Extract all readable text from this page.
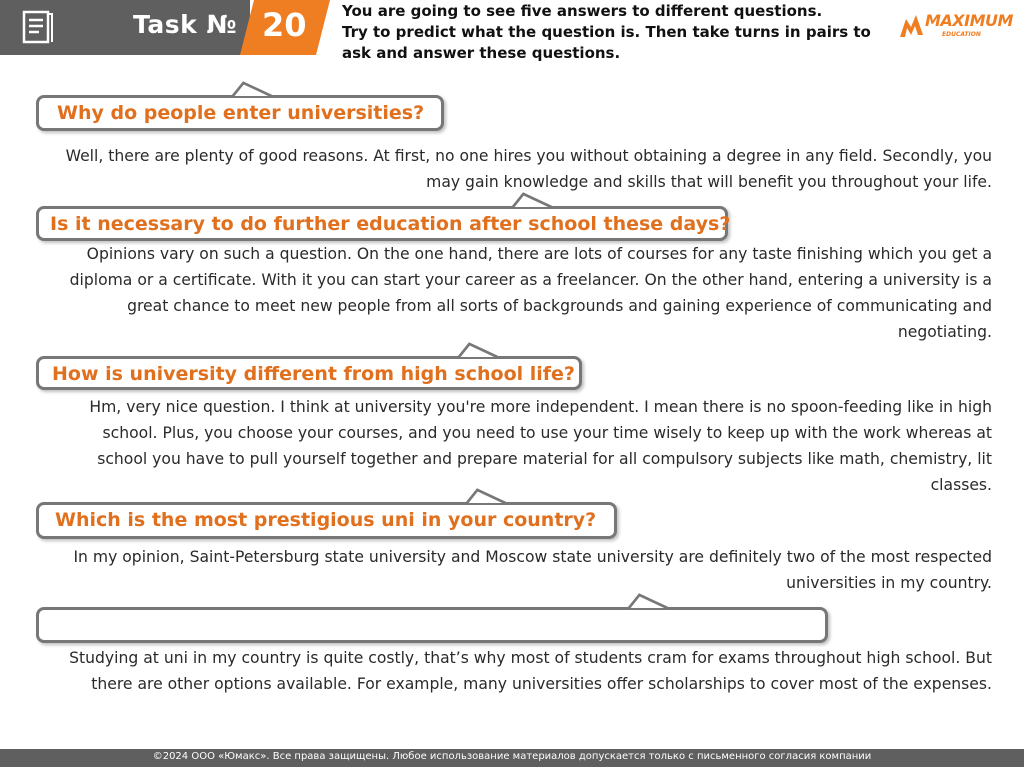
Task № 20 You are going to see five answers to different questions.
Try to predict what the question is. Then take turns in pairs to
ask and answer these questions.
MAXIMUM
EDUCATION
Why do people enter universities?
Well, there are plenty of good reasons. At first, no one hires you without obtaining a degree in any field. Secondly, you
may gain knowledge and skills that will benefit you throughout your life.
Is it necessary to do further education after school these days?
Opinions vary on such a question. On the one hand, there are lots of courses for any taste finishing which you get a
diploma or a certificate. With it you can start your career as a freelancer. On the other hand, entering a university is a
great chance to meet new people from all sorts of backgrounds and gaining experience of communicating and
negotiating.
How is university different from high school life?
Hm, very nice question. I think at university you're more independent. I mean there is no spoon-feeding like in high
school. Plus, you choose your courses, and you need to use your time wisely to keep up with the work whereas at
school you have to pull yourself together and prepare material for all compulsory subjects like math, chemistry, lit
classes.
Which is the most prestigious uni in your country?
In my opinion, Saint-Petersburg state university and Moscow state university are definitely two of the most respected
universities in my country.
Studying at uni in my country is quite costly, that’s why most of students cram for exams throughout high school. But
there are other options available. For example, many universities offer scholarships to cover most of the expenses.
©2024 ООО «Юмакс». Все права защищены. Любое использование материалов допускается только с письменного согласия компании
